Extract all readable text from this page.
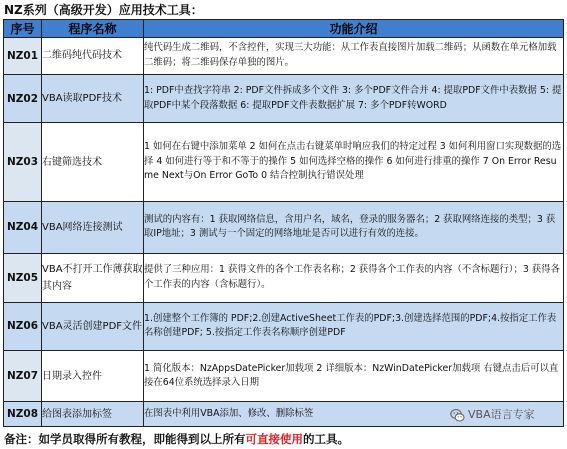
NZ系列（高级开发）应用技术工具：
序号	程序名称	功能介绍
NZ01	二维码纯代码技术	纯代码生成二维码，不含控件，实现三大功能：从工作表直接图片加载二维码；从函数在单元格加载二维码；将二维码保存单独的图片。
NZ02	VBA读取PDF技术	1: PDF中查找字符串 2: PDF文件拆成多个文件 3: 多个PDF文件合并 4: 提取PDF文件中表数据 5: 提取PDF中某个段落数据 6: 提取PDF文件表数据扩展 7: 多个PDF转WORD
NZ03	右键筛选技术	1 如何在右键中添加菜单 2 如何在点击右键菜单时响应我们的特定过程 3 如何利用窗口实现数据的选择 4 如何进行等于和不等于的操作 5 如何选择空格的操作 6 如何进行排重的操作 7 On Error Resume Next与On Error GoTo 0 结合控制执行错误处理
NZ04	VBA网络连接测试	测试的内容有：1 获取网络信息，含用户名，域名，登录的服务器名；2 获取网络连接的类型；3 获取IP地址；3 测试与一个固定的网络地址是否可以进行有效的连接。
NZ05	VBA不打开工作薄获取其内容	提供了三种应用：1 获得文件的各个工作表名称；2 获得各个工作表的内容（不含标题行）；3 获得各个工作表的内容（含标题行）。
NZ06	VBA灵活创建PDF文件	1.创建整个工作簿的 PDF;2.创建ActiveSheet工作表的PDF;3.创建选择范围的PDF;4.按指定工作表名称创建PDF; 5.按指定工作表名称顺序创建PDF
NZ07	日期录入控件	1 简化版本：NzAppsDatePicker加载项 2 详细版本：NzWinDatePicker加载项 右键点击后可以直接在64位系统选择录入日期
NZ08	给图表添加标签	在图表中利用VBA添加、修改、删除标签	VBA语言专家
备注：如学员取得所有教程，即能得到以上所有可直接使用的工具。
